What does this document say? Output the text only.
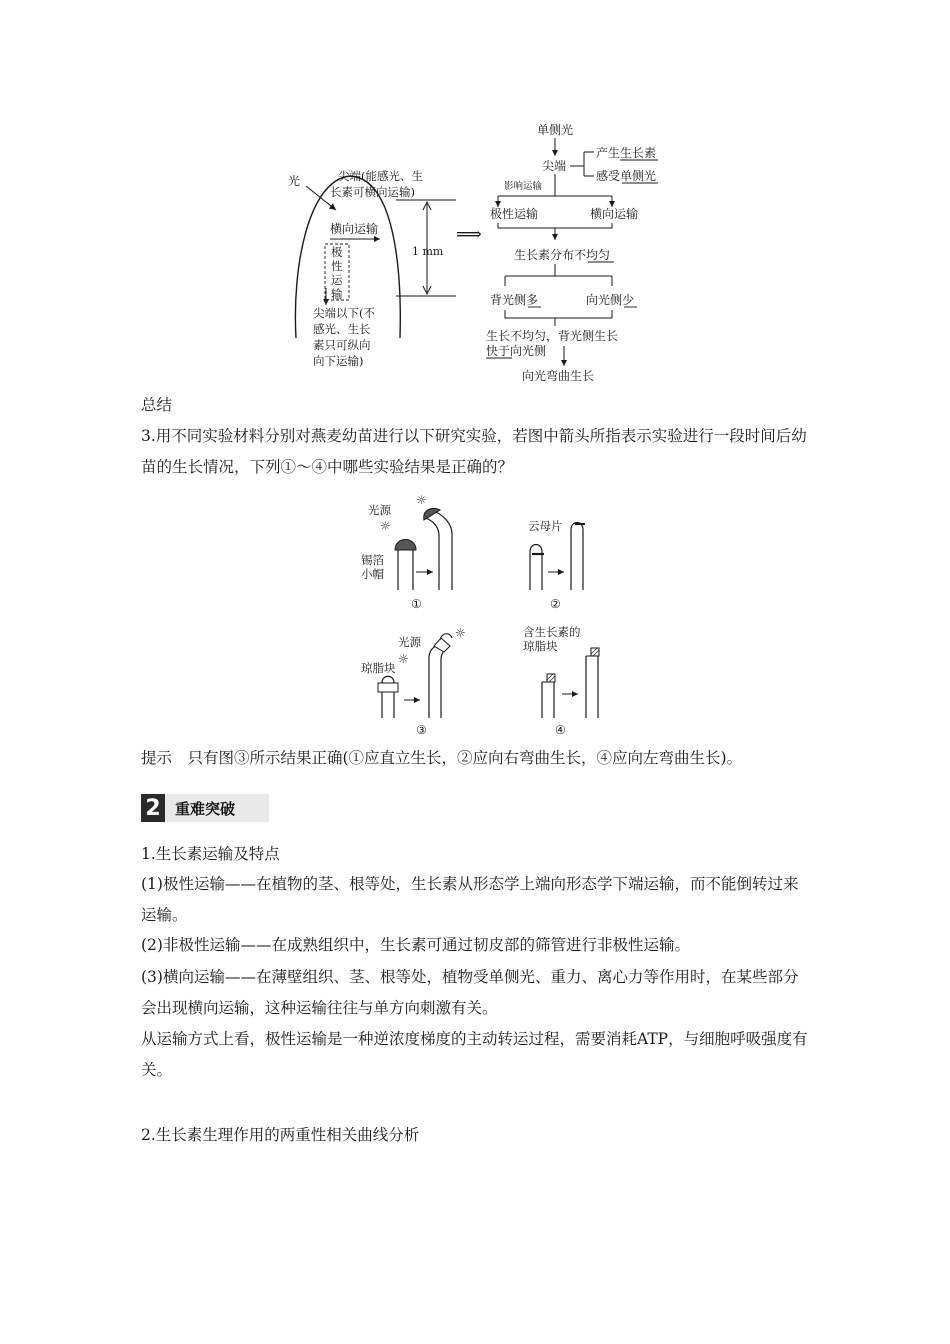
光	尖端(能感光、生
长素可横向运输)
横向运输
极
性
运
输
1 mm
尖端以下(不
感光、生长
素只可纵向
向下运输)
⟹
单侧光
尖端
产生生长素
感受单侧光
影响运输
极性运输	横向运输
生长素分布不均匀
背光侧多	向光侧少
生长不均匀，背光侧生长
快于向光侧
向光弯曲生长
总结
3.用不同实验材料分别对燕麦幼苗进行以下研究实验，若图中箭头所指表示实验进行一段时间后幼苗的生长情况，下列①～④中哪些实验结果是正确的？
光源
☼
☼
锡箔
小帽
①
云母片
②
光源
☼
☼
琼脂块
③
含生长素的
琼脂块
④
提示　只有图③所示结果正确(①应直立生长，②应向右弯曲生长，④应向左弯曲生长)。
2 重难突破
1.生长素运输及特点
(1)极性运输——在植物的茎、根等处，生长素从形态学上端向形态学下端运输，而不能倒转过来运输。
(2)非极性运输——在成熟组织中，生长素可通过韧皮部的筛管进行非极性运输。
(3)横向运输——在薄壁组织、茎、根等处，植物受单侧光、重力、离心力等作用时，在某些部分会出现横向运输，这种运输往往与单方向刺激有关。
从运输方式上看，极性运输是一种逆浓度梯度的主动转运过程，需要消耗ATP，与细胞呼吸强度有关。
2.生长素生理作用的两重性相关曲线分析
